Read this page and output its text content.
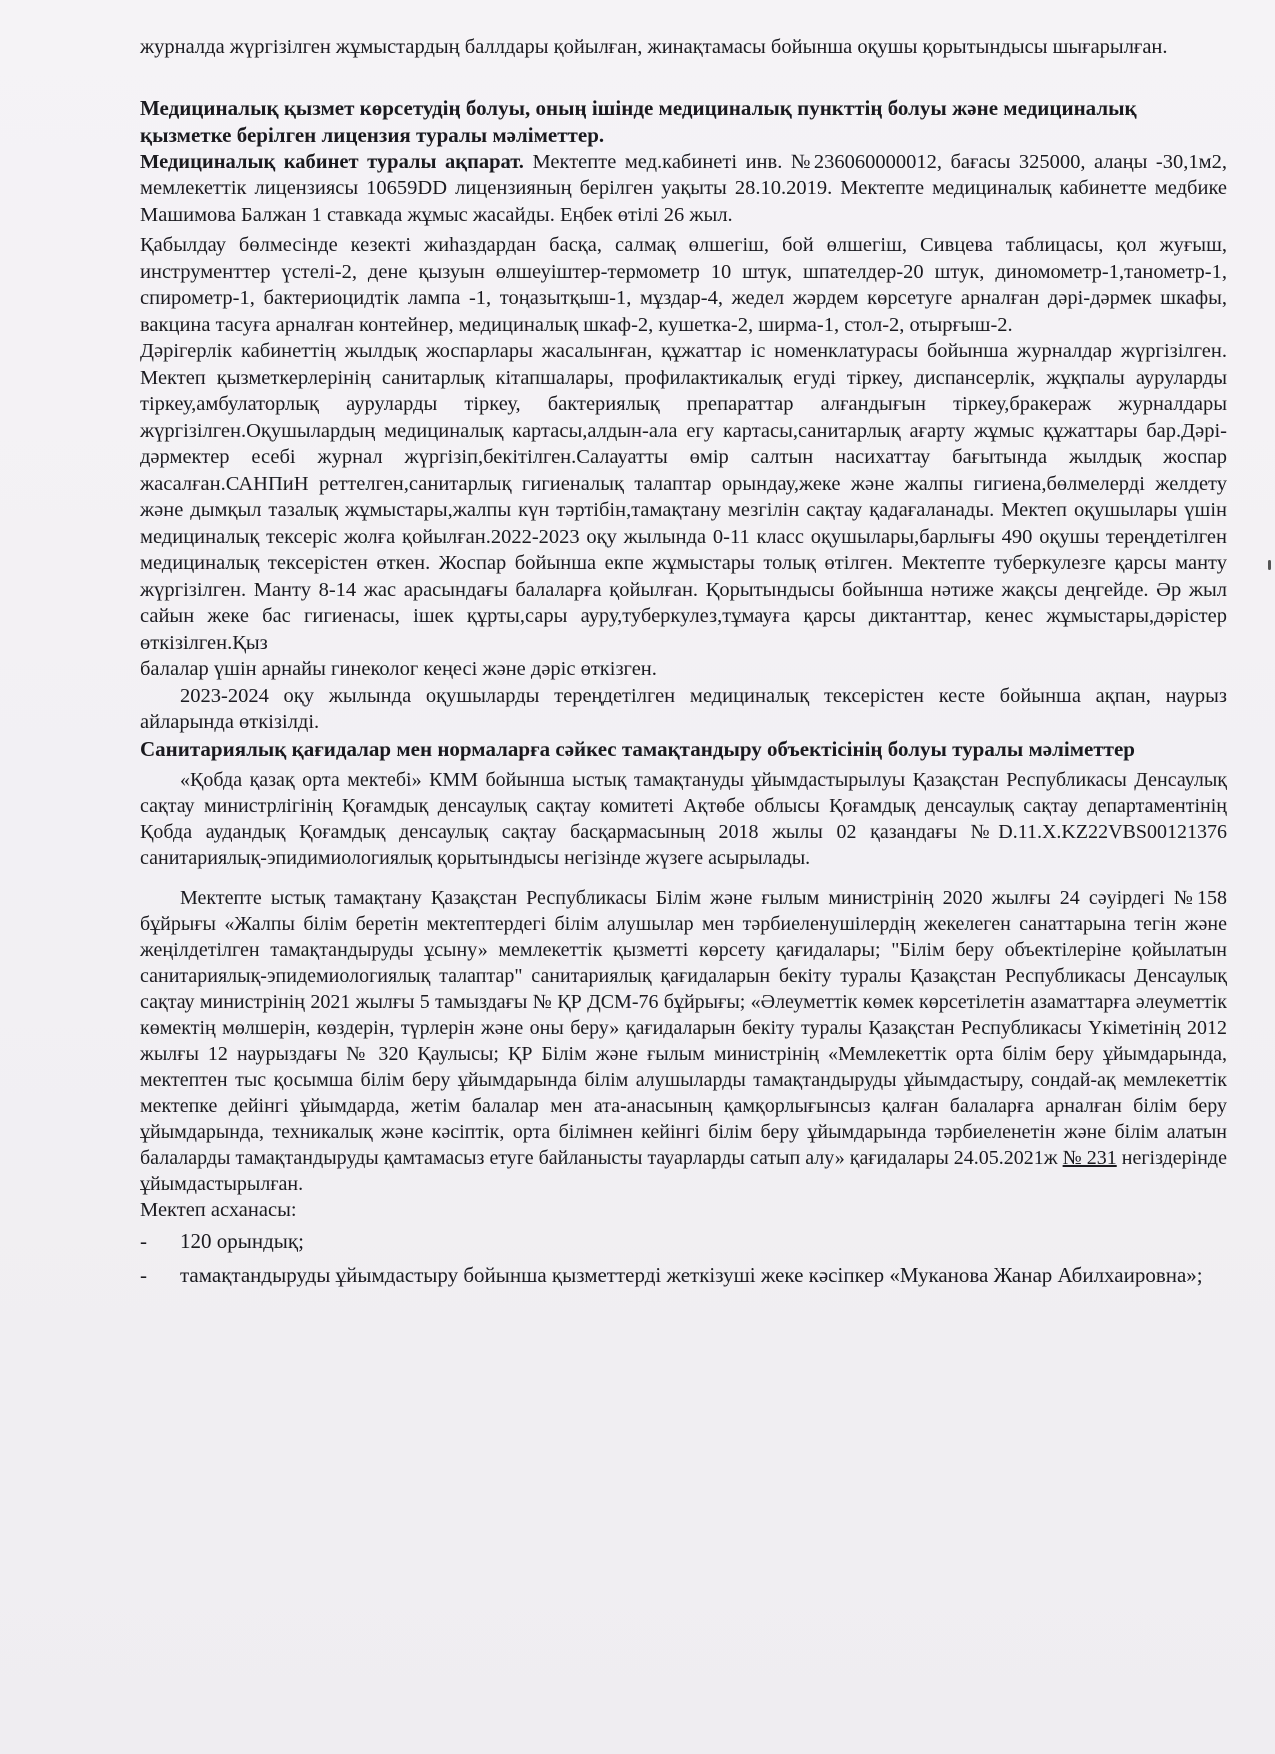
журналда жүргізілген жұмыстардың баллдары қойылған, жинақтамасы бойынша оқушы қорытындысы шығарылған.

Медициналық қызмет көрсетудің болуы, оның ішінде медициналық пункттің болуы және медициналық қызметке берілген лицензия туралы мәліметтер.

Медициналық кабинет туралы ақпарат. Мектепте мед.кабинеті инв. №236060000012, бағасы 325000, алаңы -30,1м2, мемлекеттік лицензиясы 10659DD лицензияның берілген уақыты 28.10.2019. Мектепте медициналық кабинетте медбике Машимова Балжан 1 ставкада жұмыс жасайды. Еңбек өтілі 26 жыл.

Қабылдау бөлмесінде кезекті жиһаздардан басқа, салмақ өлшегіш, бой өлшегіш, Сивцева таблицасы, қол жуғыш, инструменттер үстелі-2, дене қызуын өлшеуіштер-термометр 10 штук, шпателдер-20 штук, диномометр-1,танометр-1, спирометр-1, бактериоцидтік лампа -1, тоңазытқыш-1, мұздар-4, жедел жәрдем көрсетуге арналған дәрі-дәрмек шкафы, вакцина тасуға арналған контейнер, медициналық шкаф-2, кушетка-2, ширма-1, стол-2, отырғыш-2.

Дәрігерлік кабинеттің жылдық жоспарлары жасалынған, құжаттар іс номенклатурасы бойынша журналдар жүргізілген. Мектеп қызметкерлерінің санитарлық кітапшалары, профилактикалық егуді тіркеу, диспансерлік, жұқпалы ауруларды тіркеу,амбулаторлық ауруларды тіркеу, бактериялық препараттар алғандығын тіркеу,бракераж журналдары жүргізілген.Оқушылардың медициналық картасы,алдын-ала егу картасы,санитарлық ағарту жұмыс құжаттары бар.Дәрі-дәрмектер есебі журнал жүргізіп,бекітілген.Салауатты өмір салтын насихаттау бағытында жылдық жоспар жасалған.САНПиН реттелген,санитарлық гигиеналық талаптар орындау,жеке және жалпы гигиена,бөлмелерді желдету және дымқыл тазалық жұмыстары,жалпы күн тәртібін,тамақтану мезгілін сақтау қадағаланады. Мектеп оқушылары үшін медициналық тексеріс жолға қойылған.2022-2023 оқу жылында 0-11 класс оқушылары,барлығы 490 оқушы тереңдетілген медициналық тексерістен өткен. Жоспар бойынша екпе жұмыстары толық өтілген. Мектепте туберкулезге қарсы манту жүргізілген. Манту 8-14 жас арасындағы балаларға қойылған. Қорытындысы бойынша нәтиже жақсы деңгейде. Әр жыл сайын жеке бас гигиенасы, ішек құрты,сары ауру,туберкулез,тұмауға қарсы диктанттар, кенес жұмыстары,дәрістер өткізілген.Қыз

балалар үшін арнайы гинеколог кеңесі және дәріс өткізген.

2023-2024 оқу жылында оқушыларды тереңдетілген медициналық тексерістен кесте бойынша ақпан, наурыз айларында өткізілді.

Санитариялық қағидалар мен нормаларға сәйкес тамақтандыру объектісінің болуы туралы мәліметтер

«Қобда қазақ орта мектебі» КММ бойынша ыстық тамақтануды ұйымдастырылуы Қазақстан Республикасы Денсаулық сақтау министрлігінің Қоғамдық денсаулық сақтау комитеті Ақтөбе облысы Қоғамдық денсаулық сақтау департаментінің Қобда аудандық Қоғамдық денсаулық сақтау басқармасының 2018 жылы 02 қазандағы №D.11.X.KZ22VBS00121376 санитариялық-эпидимиологиялық қорытындысы негізінде жүзеге асырылады.

Мектепте ыстық тамақтану Қазақстан Республикасы Білім және ғылым министрінің 2020 жылғы 24 сәуірдегі №158 бұйрығы «Жалпы білім беретін мектептердегі білім алушылар мен тәрбиеленушілердің жекелеген санаттарына тегін және жеңілдетілген тамақтандыруды ұсыну» мемлекеттік қызметті көрсету қағидалары; "Білім беру объектілеріне қойылатын санитариялық-эпидемиологиялық талаптар" санитариялық қағидаларын бекіту туралы Қазақстан Республикасы Денсаулық сақтау министрінің 2021 жылғы 5 тамыздағы № ҚР ДСМ-76 бұйрығы; «Әлеуметтік көмек көрсетілетін азаматтарға әлеуметтік көмектің мөлшерін, көздерін, түрлерін және оны беру» қағидаларын бекіту туралы Қазақстан Республикасы Үкіметінің 2012 жылғы 12 наурыздағы № 320 Қаулысы; ҚР Білім және ғылым министрінің «Мемлекеттік орта білім беру ұйымдарында, мектептен тыс қосымша білім беру ұйымдарында білім алушыларды тамақтандыруды ұйымдастыру, сондай-ақ мемлекеттік мектепке дейінгі ұйымдарда, жетім балалар мен ата-анасының қамқорлығынсыз қалған балаларға арналған білім беру ұйымдарында, техникалық және кәсіптік, орта білімнен кейінгі білім беру ұйымдарында тәрбиеленетін және білім алатын балаларды тамақтандыруды қамтамасыз етуге байланысты тауарларды сатып алу» қағидалары 24.05.2021ж № 231 негіздерінде ұйымдастырылған.

Мектеп асханасы:

- 120 орындық;
- тамақтандыруды ұйымдастыру бойынша қызметтерді жеткізуші жеке кәсіпкер «Муканова Жанар Абилхаировна»;
